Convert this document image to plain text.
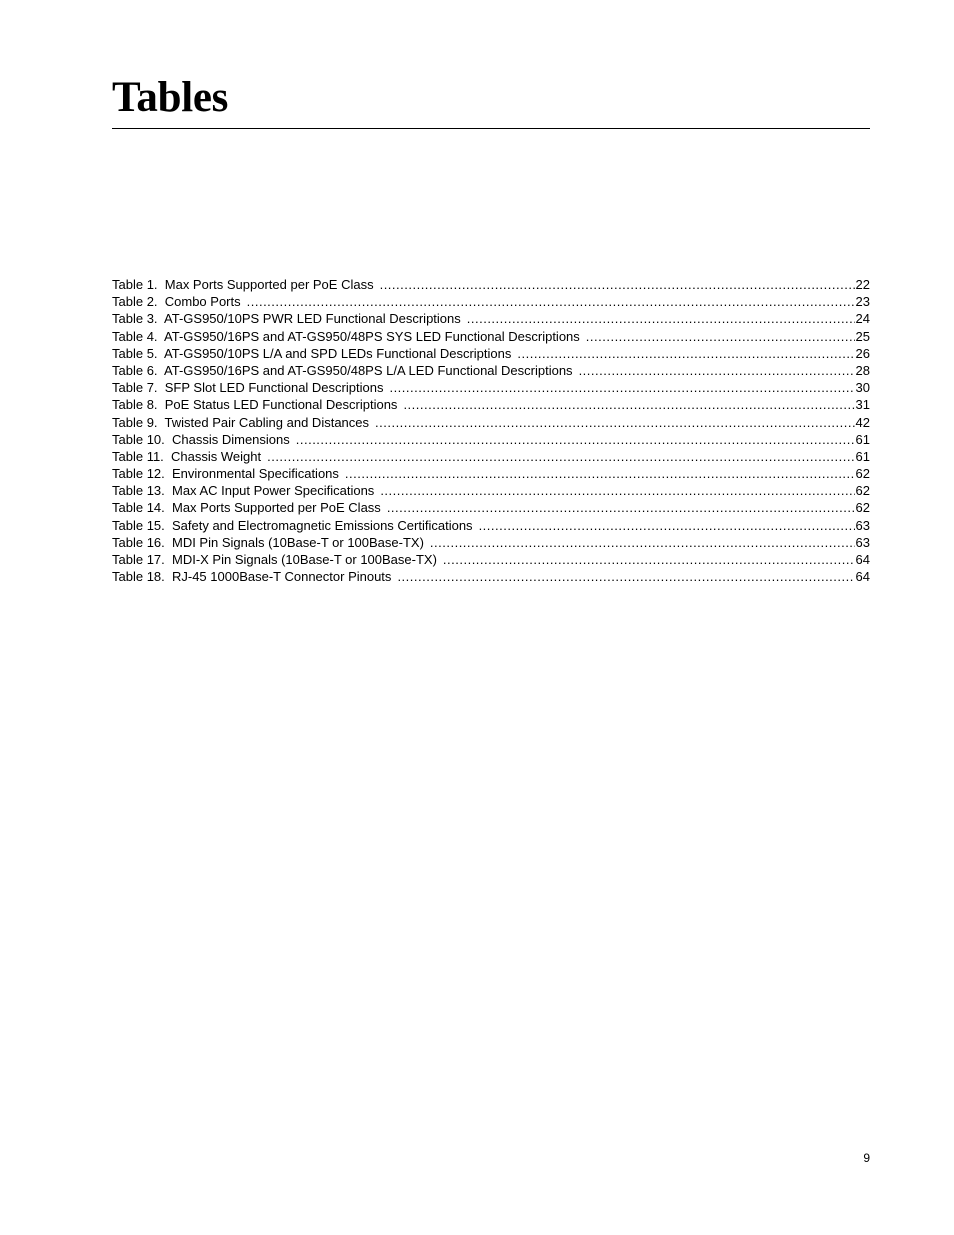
Tables
Table 1.  Max Ports Supported per PoE Class .....	22
Table 2.  Combo Ports .....	23
Table 3.  AT-GS950/10PS PWR LED Functional Descriptions .....	24
Table 4.  AT-GS950/16PS and AT-GS950/48PS SYS LED Functional Descriptions .....	25
Table 5.  AT-GS950/10PS L/A and SPD LEDs Functional Descriptions .....	26
Table 6.  AT-GS950/16PS and AT-GS950/48PS L/A LED Functional Descriptions .....	28
Table 7.  SFP Slot LED Functional Descriptions .....	30
Table 8.  PoE Status LED Functional Descriptions .....	31
Table 9.  Twisted Pair Cabling and Distances .....	42
Table 10.  Chassis Dimensions .....	61
Table 11.  Chassis Weight .....	61
Table 12.  Environmental Specifications .....	62
Table 13.  Max AC Input Power Specifications .....	62
Table 14.  Max Ports Supported per PoE Class .....	62
Table 15.  Safety and Electromagnetic Emissions Certifications .....	63
Table 16.  MDI Pin Signals (10Base-T or 100Base-TX) .....	63
Table 17.  MDI-X Pin Signals (10Base-T or 100Base-TX) .....	64
Table 18.  RJ-45 1000Base-T Connector Pinouts .....	64
9
